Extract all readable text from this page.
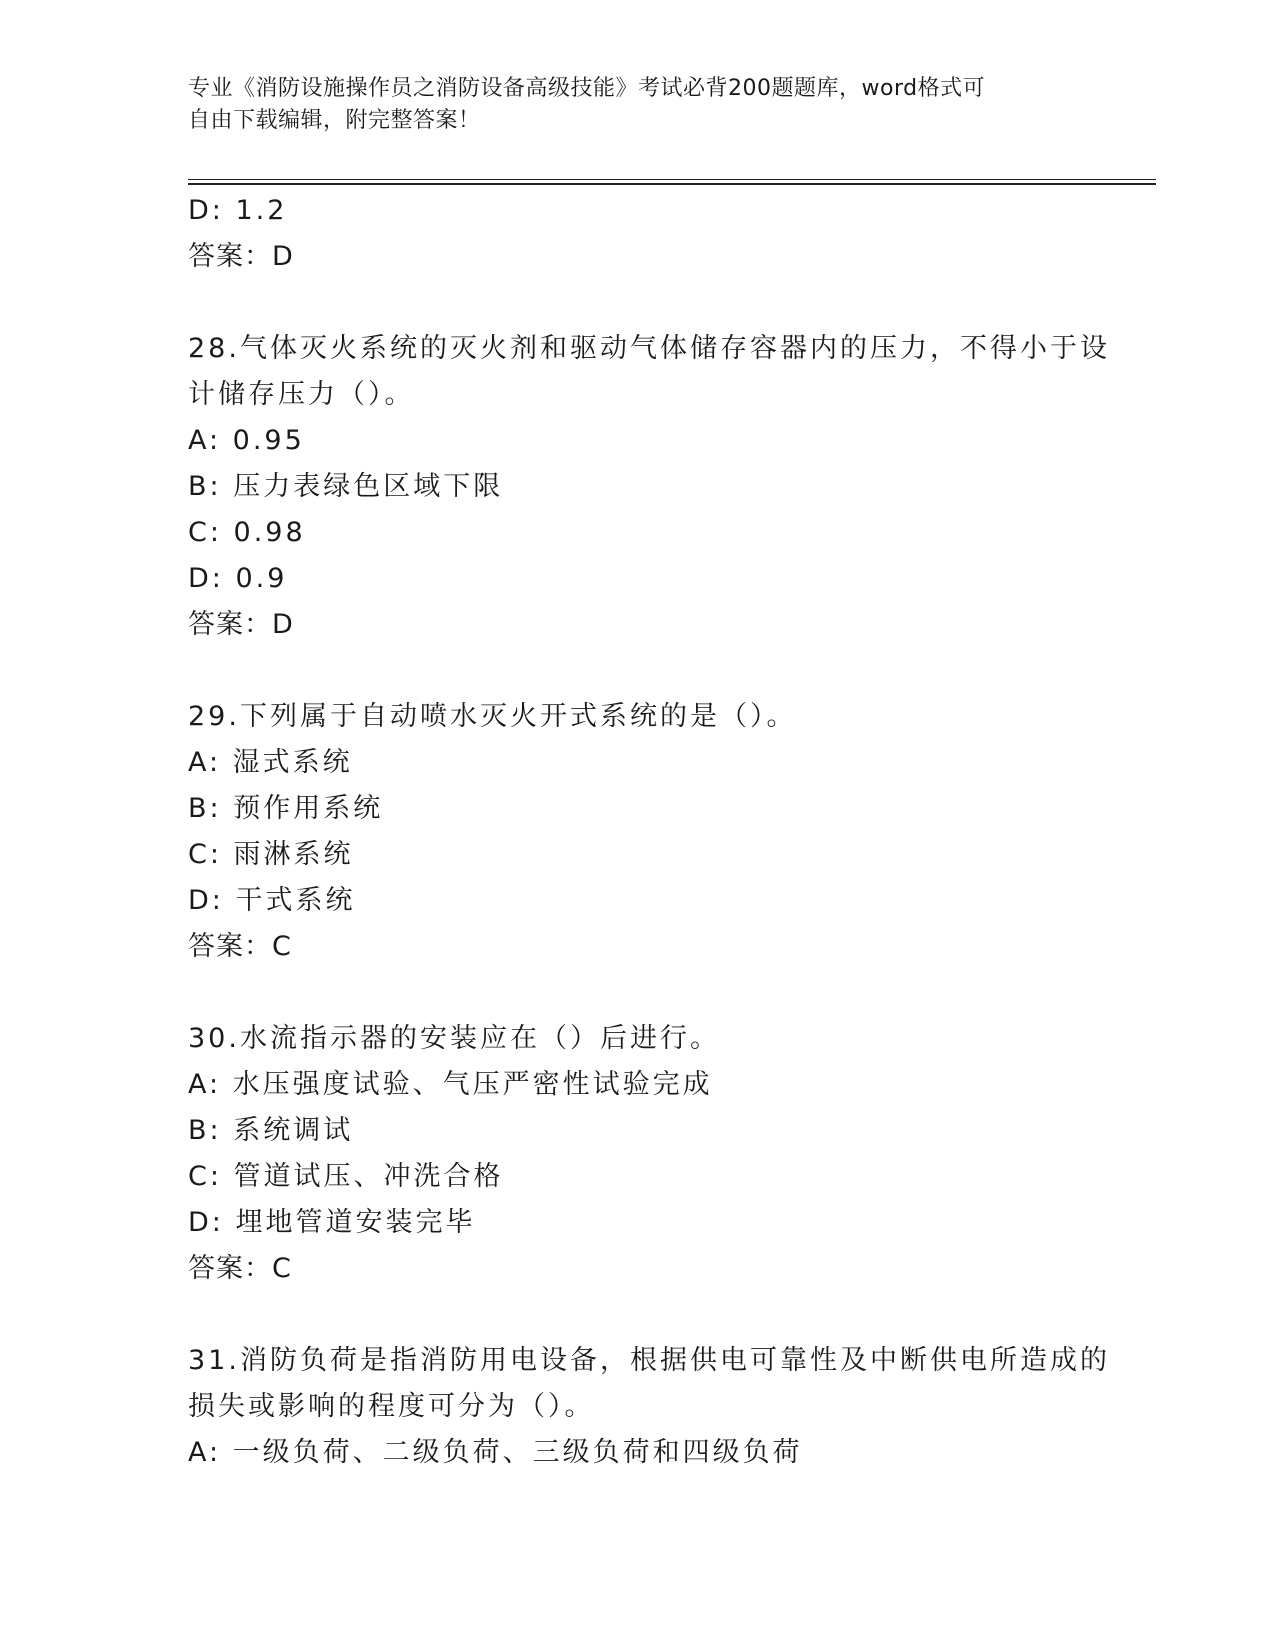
专业《消防设施操作员之消防设备高级技能》考试必背200题题库，word格式可
自由下载编辑，附完整答案！
D: 1.2
答案：D
28.气体灭火系统的灭火剂和驱动气体储存容器内的压力，不得小于设
计储存压力（）。
A: 0.95
B: 压力表绿色区域下限
C: 0.98
D: 0.9
答案：D
29.下列属于自动喷水灭火开式系统的是（）。
A: 湿式系统
B: 预作用系统
C: 雨淋系统
D: 干式系统
答案：C
30.水流指示器的安装应在（）后进行。
A: 水压强度试验、气压严密性试验完成
B: 系统调试
C: 管道试压、冲洗合格
D: 埋地管道安装完毕
答案：C
31.消防负荷是指消防用电设备，根据供电可靠性及中断供电所造成的
损失或影响的程度可分为（）。
A: 一级负荷、二级负荷、三级负荷和四级负荷
